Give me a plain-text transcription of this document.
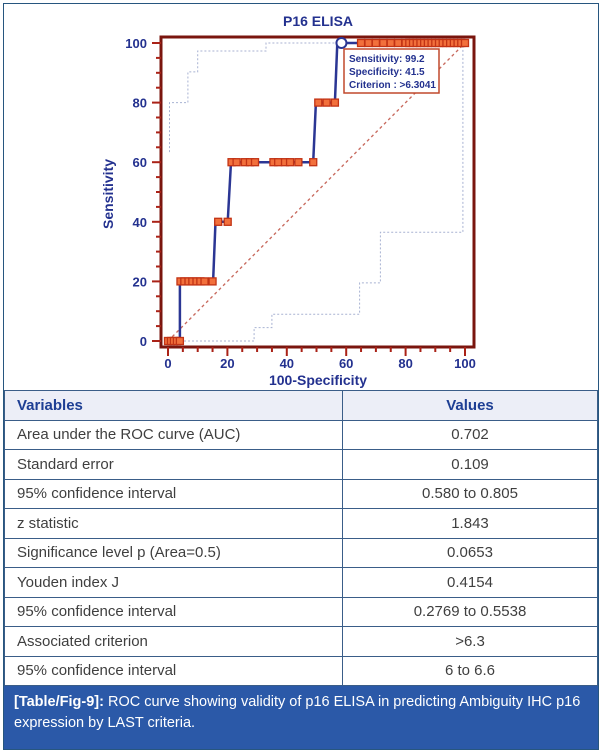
0
0
20
20
40
40
60
60
80
80
100
100
P16 ELISA
100-Specificity
Sensitivity
Sensitivity: 99.2
Specificity: 41.5
Criterion : >6.3041
Variables	Values
Area under the ROC curve (AUC)	0.702
Standard error	0.109
95% confidence interval	0.580 to 0.805
z statistic	1.843
Significance level p (Area=0.5)	0.0653
Youden index J	0.4154
95% confidence interval	0.2769 to 0.5538
Associated criterion	>6.3
95% confidence interval	6 to 6.6
[Table/Fig-9]: ROC curve showing validity of p16 ELISA in predicting Ambiguity IHC p16 expression by LAST criteria.
